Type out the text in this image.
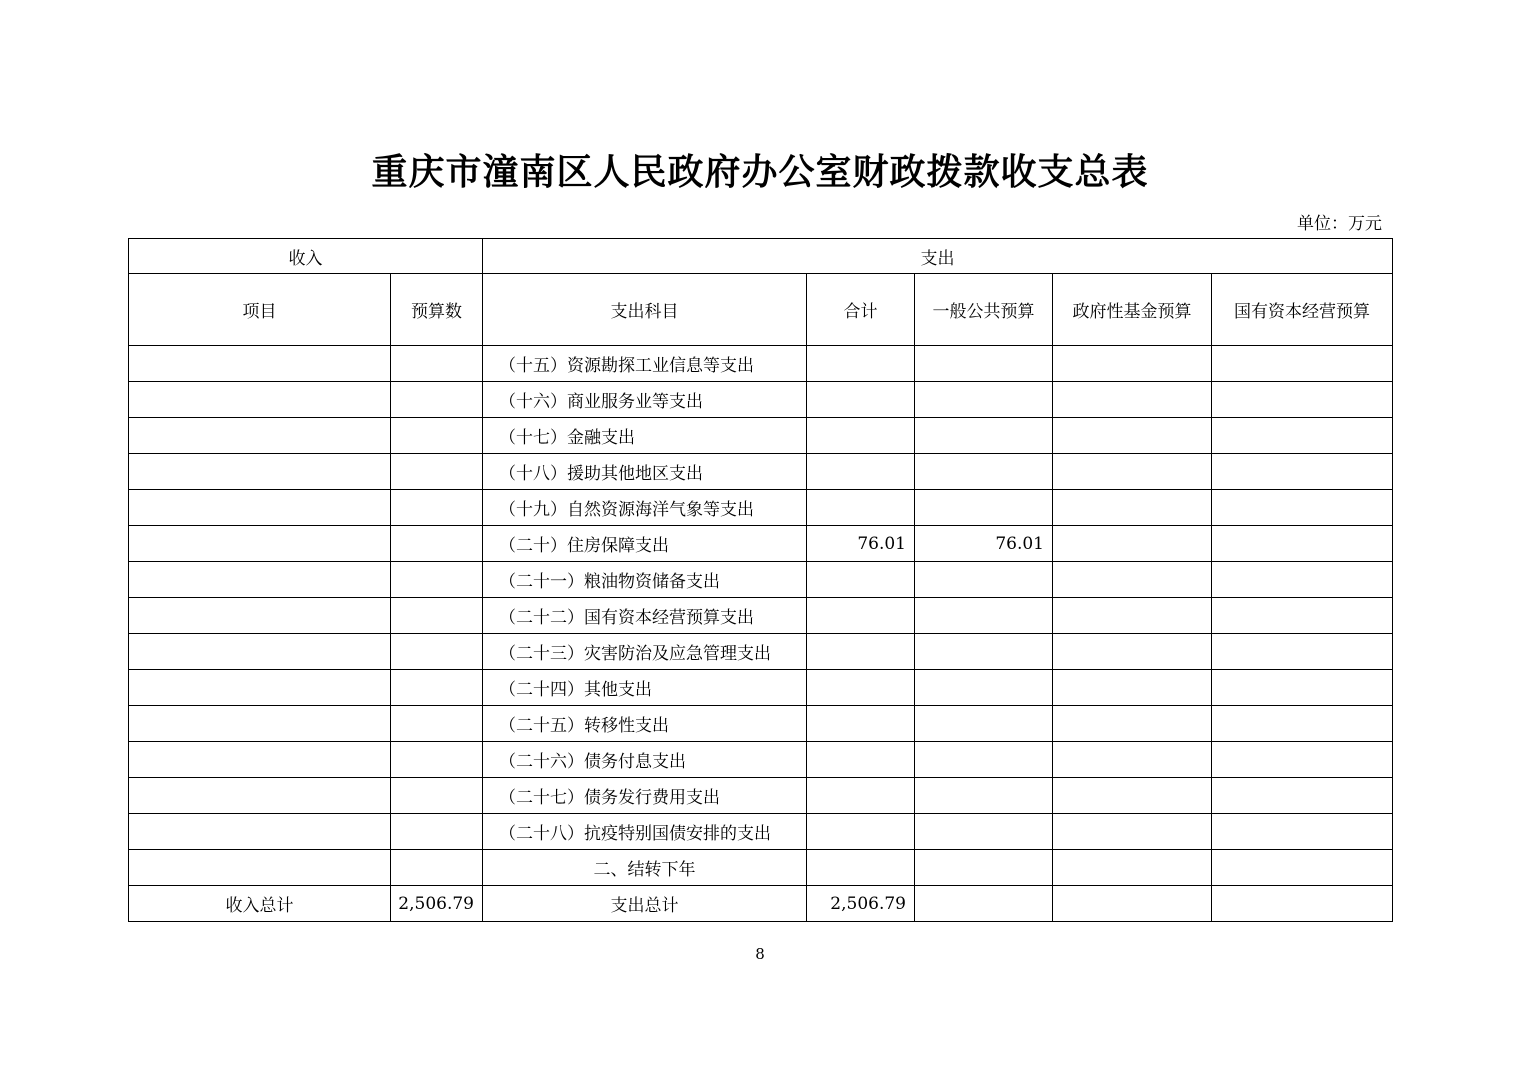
重庆市潼南区人民政府办公室财政拨款收支总表
单位：万元
收入		支出				
项目	预算数	支出科目	合计	一般公共预算	政府性基金预算	国有资本经营预算
		（十五）资源勘探工业信息等支出				
		（十六）商业服务业等支出				
		（十七）金融支出				
		（十八）援助其他地区支出				
		（十九）自然资源海洋气象等支出				
		（二十）住房保障支出	76.01	76.01		
		（二十一）粮油物资储备支出				
		（二十二）国有资本经营预算支出				
		（二十三）灾害防治及应急管理支出				
		（二十四）其他支出				
		（二十五）转移性支出				
		（二十六）债务付息支出				
		（二十七）债务发行费用支出				
		（二十八）抗疫特别国债安排的支出				
		二、结转下年				
收入总计	2,506.79	支出总计	2,506.79			
8
